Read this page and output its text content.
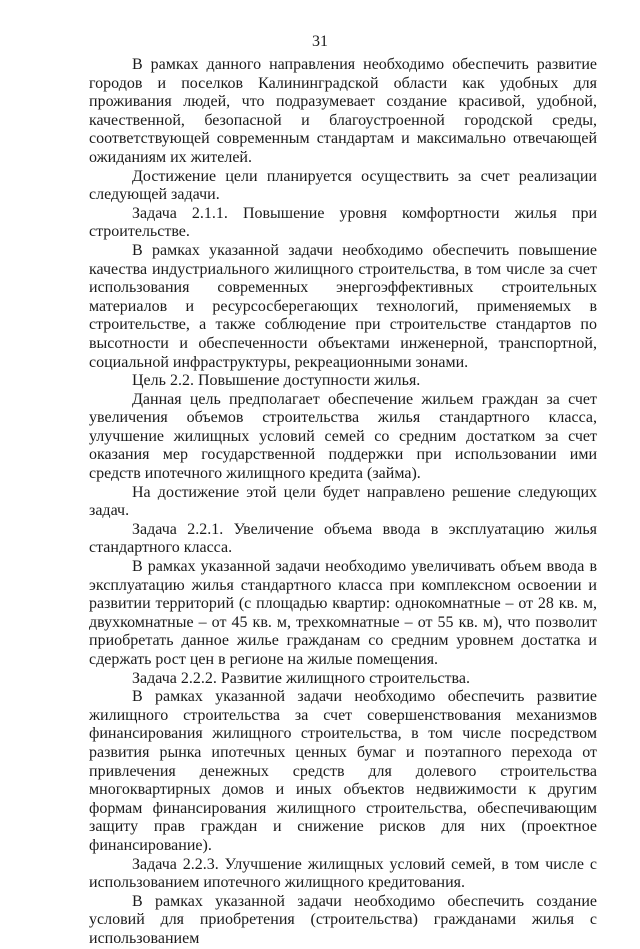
31

В рамках данного направления необходимо обеспечить развитие городов и поселков Калининградской области как удобных для проживания людей, что подразумевает создание красивой, удобной, качественной, безопасной и благоустроенной городской среды, соответствующей современным стандартам и максимально отвечающей ожиданиям их жителей.

Достижение цели планируется осуществить за счет реализации следующей задачи.

Задача 2.1.1. Повышение уровня комфортности жилья при строительстве.

В рамках указанной задачи необходимо обеспечить повышение качества индустриального жилищного строительства, в том числе за счет использования современных энергоэффективных строительных материалов и ресурсосберегающих технологий, применяемых в строительстве, а также соблюдение при строительстве стандартов по высотности и обеспеченности объектами инженерной, транспортной, социальной инфраструктуры, рекреационными зонами.

Цель 2.2. Повышение доступности жилья.

Данная цель предполагает обеспечение жильем граждан за счет увеличения объемов строительства жилья стандартного класса, улучшение жилищных условий семей со средним достатком за счет оказания мер государственной поддержки при использовании ими средств ипотечного жилищного кредита (займа).

На достижение этой цели будет направлено решение следующих задач.

Задача 2.2.1. Увеличение объема ввода в эксплуатацию жилья стандартного класса.

В рамках указанной задачи необходимо увеличивать объем ввода в эксплуатацию жилья стандартного класса при комплексном освоении и развитии территорий (с площадью квартир: однокомнатные – от 28 кв. м, двухкомнатные – от 45 кв. м, трехкомнатные – от 55 кв. м), что позволит приобретать данное жилье гражданам со средним уровнем достатка и сдержать рост цен в регионе на жилые помещения.

Задача 2.2.2. Развитие жилищного строительства.

В рамках указанной задачи необходимо обеспечить развитие жилищного строительства за счет совершенствования механизмов финансирования жилищного строительства, в том числе посредством развития рынка ипотечных ценных бумаг и поэтапного перехода от привлечения денежных средств для долевого строительства многоквартирных домов и иных объектов недвижимости к другим формам финансирования жилищного строительства, обеспечивающим защиту прав граждан и снижение рисков для них (проектное финансирование).

Задача 2.2.3. Улучшение жилищных условий семей, в том числе с использованием ипотечного жилищного кредитования.

В рамках указанной задачи необходимо обеспечить создание условий для приобретения (строительства) гражданами жилья с использованием
